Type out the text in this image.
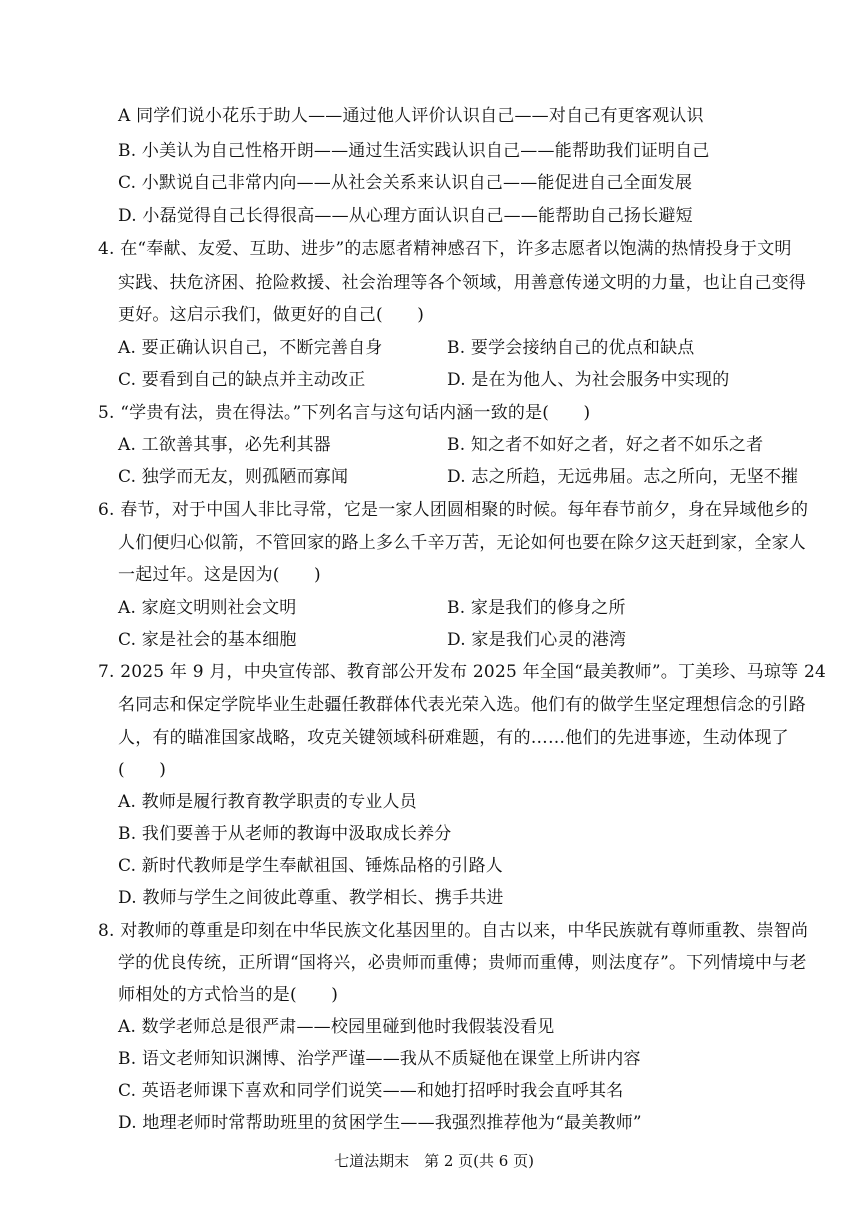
A 同学们说小花乐于助人——通过他人评价认识自己——对自己有更客观认识
B. 小美认为自己性格开朗——通过生活实践认识自己——能帮助我们证明自己
C. 小默说自己非常内向——从社会关系来认识自己——能促进自己全面发展
D. 小磊觉得自己长得很高——从心理方面认识自己——能帮助自己扬长避短
4. 在“奉献、友爱、互助、进步”的志愿者精神感召下，许多志愿者以饱满的热情投身于文明
实践、扶危济困、抢险救援、社会治理等各个领域，用善意传递文明的力量，也让自己变得
更好。这启示我们，做更好的自己(　　)
A. 要正确认识自己，不断完善自身	B. 要学会接纳自己的优点和缺点
C. 要看到自己的缺点并主动改正	D. 是在为他人、为社会服务中实现的
5. “学贵有法，贵在得法。”下列名言与这句话内涵一致的是(　　)
A. 工欲善其事，必先利其器	B. 知之者不如好之者，好之者不如乐之者
C. 独学而无友，则孤陋而寡闻	D. 志之所趋，无远弗届。志之所向，无坚不摧
6. 春节，对于中国人非比寻常，它是一家人团圆相聚的时候。每年春节前夕，身在异域他乡的
人们便归心似箭，不管回家的路上多么千辛万苦，无论如何也要在除夕这天赶到家，全家人
一起过年。这是因为(　　)
A. 家庭文明则社会文明	B. 家是我们的修身之所
C. 家是社会的基本细胞	D. 家是我们心灵的港湾
7. 2025 年 9 月，中央宣传部、教育部公开发布 2025 年全国“最美教师”。丁美珍、马琼等 24
名同志和保定学院毕业生赴疆任教群体代表光荣入选。他们有的做学生坚定理想信念的引路
人，有的瞄准国家战略，攻克关键领域科研难题，有的……他们的先进事迹，生动体现了
(　　)
A. 教师是履行教育教学职责的专业人员
B. 我们要善于从老师的教诲中汲取成长养分
C. 新时代教师是学生奉献祖国、锤炼品格的引路人
D. 教师与学生之间彼此尊重、教学相长、携手共进
8. 对教师的尊重是印刻在中华民族文化基因里的。自古以来，中华民族就有尊师重教、崇智尚
学的优良传统，正所谓“国将兴，必贵师而重傅；贵师而重傅，则法度存”。下列情境中与老
师相处的方式恰当的是(　　)
A. 数学老师总是很严肃——校园里碰到他时我假装没看见
B. 语文老师知识渊博、治学严谨——我从不质疑他在课堂上所讲内容
C. 英语老师课下喜欢和同学们说笑——和她打招呼时我会直呼其名
D. 地理老师时常帮助班里的贫困学生——我强烈推荐他为“最美教师”
七道法期末　第 2 页(共 6 页)
